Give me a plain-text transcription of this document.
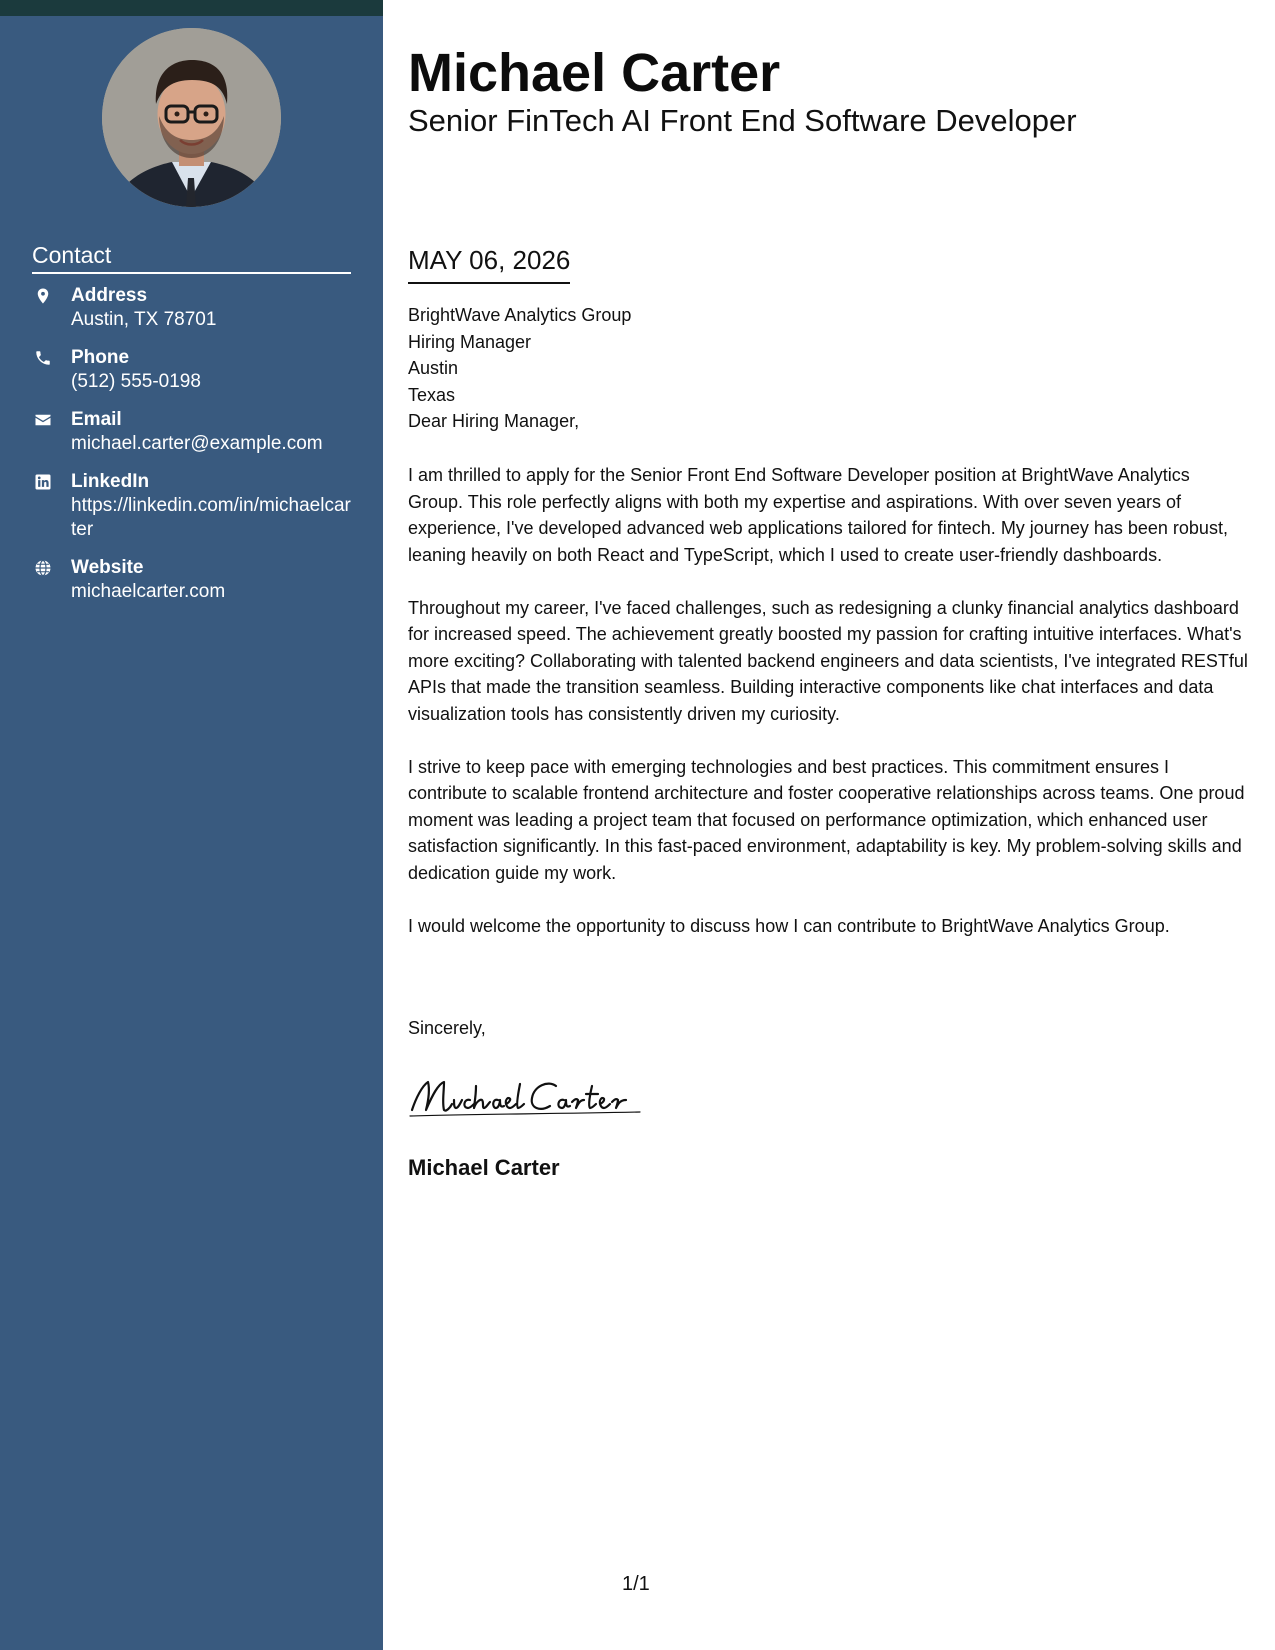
Contact
Address
Austin, TX 78701
Phone
(512) 555-0198
Email
michael.carter@example.com
LinkedIn
https://linkedin.com/in/michaelcarter
Website
michaelcarter.com
Michael Carter
Senior FinTech AI Front End Software Developer
MAY 06, 2026
BrightWave Analytics Group
Hiring Manager
Austin
Texas
Dear Hiring Manager,

I am thrilled to apply for the Senior Front End Software Developer position at BrightWave Analytics Group. This role perfectly aligns with both my expertise and aspirations. With over seven years of experience, I've developed advanced web applications tailored for fintech. My journey has been robust, leaning heavily on both React and TypeScript, which I used to create user-friendly dashboards.

Throughout my career, I've faced challenges, such as redesigning a clunky financial analytics dashboard for increased speed. The achievement greatly boosted my passion for crafting intuitive interfaces. What's more exciting? Collaborating with talented backend engineers and data scientists, I've integrated RESTful APIs that made the transition seamless. Building interactive components like chat interfaces and data visualization tools has consistently driven my curiosity.

I strive to keep pace with emerging technologies and best practices. This commitment ensures I contribute to scalable frontend architecture and foster cooperative relationships across teams. One proud moment was leading a project team that focused on performance optimization, which enhanced user satisfaction significantly. In this fast-paced environment, adaptability is key. My problem-solving skills and dedication guide my work.

I would welcome the opportunity to discuss how I can contribute to BrightWave Analytics Group.

Sincerely,
Michael Carter
1/1
